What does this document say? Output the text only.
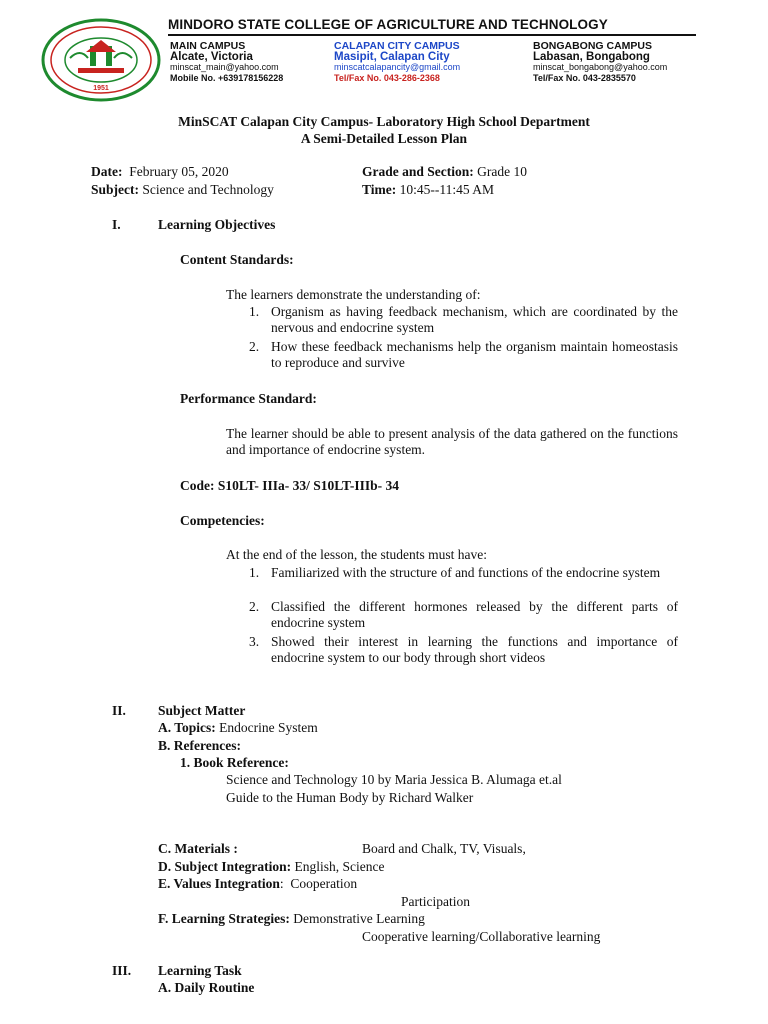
1951
MINDORO STATE COLLEGE OF AGRICULTURE AND TECHNOLOGY
MAIN CAMPUS
Alcate, Victoria
minscat_main@yahoo.com
Mobile No. +639178156228
CALAPAN CITY CAMPUS
Masipit, Calapan City
minscatcalapancity@gmail.com
Tel/Fax No. 043-286-2368
BONGABONG CAMPUS
Labasan, Bongabong
minscat_bongabong@yahoo.com
Tel/Fax No. 043-2835570
MinSCAT Calapan City Campus- Laboratory High School Department
A Semi-Detailed Lesson Plan
Date: February 05, 2020
Subject: Science and Technology
Grade and Section: Grade 10
Time: 10:45--11:45 AM
I.	Learning Objectives
Content Standards:
The learners demonstrate the understanding of:
1. Organism as having feedback mechanism, which are coordinated by the nervous and endocrine system
2. How these feedback mechanisms help the organism maintain homeostasis to reproduce and survive
Performance Standard:
The learner should be able to present analysis of the data gathered on the functions and importance of endocrine system.
Code: S10LT- IIIa- 33/ S10LT-IIIb- 34
Competencies:
At the end of the lesson, the students must have:
1. Familiarized with the structure of and functions of the endocrine system
2. Classified the different hormones released by the different parts of endocrine system
3. Showed their interest in learning the functions and importance of endocrine system to our body through short videos
II. Subject Matter
A. Topics: Endocrine System
B. References:
1. Book Reference:
Science and Technology 10 by Maria Jessica B. Alumaga et.al
Guide to the Human Body by Richard Walker
C. Materials :	Board and Chalk, TV, Visuals,
D. Subject Integration: English, Science
E. Values Integration: Cooperation
Participation
F. Learning Strategies: Demonstrative Learning
Cooperative learning/Collaborative learning
III. Learning Task
A. Daily Routine
